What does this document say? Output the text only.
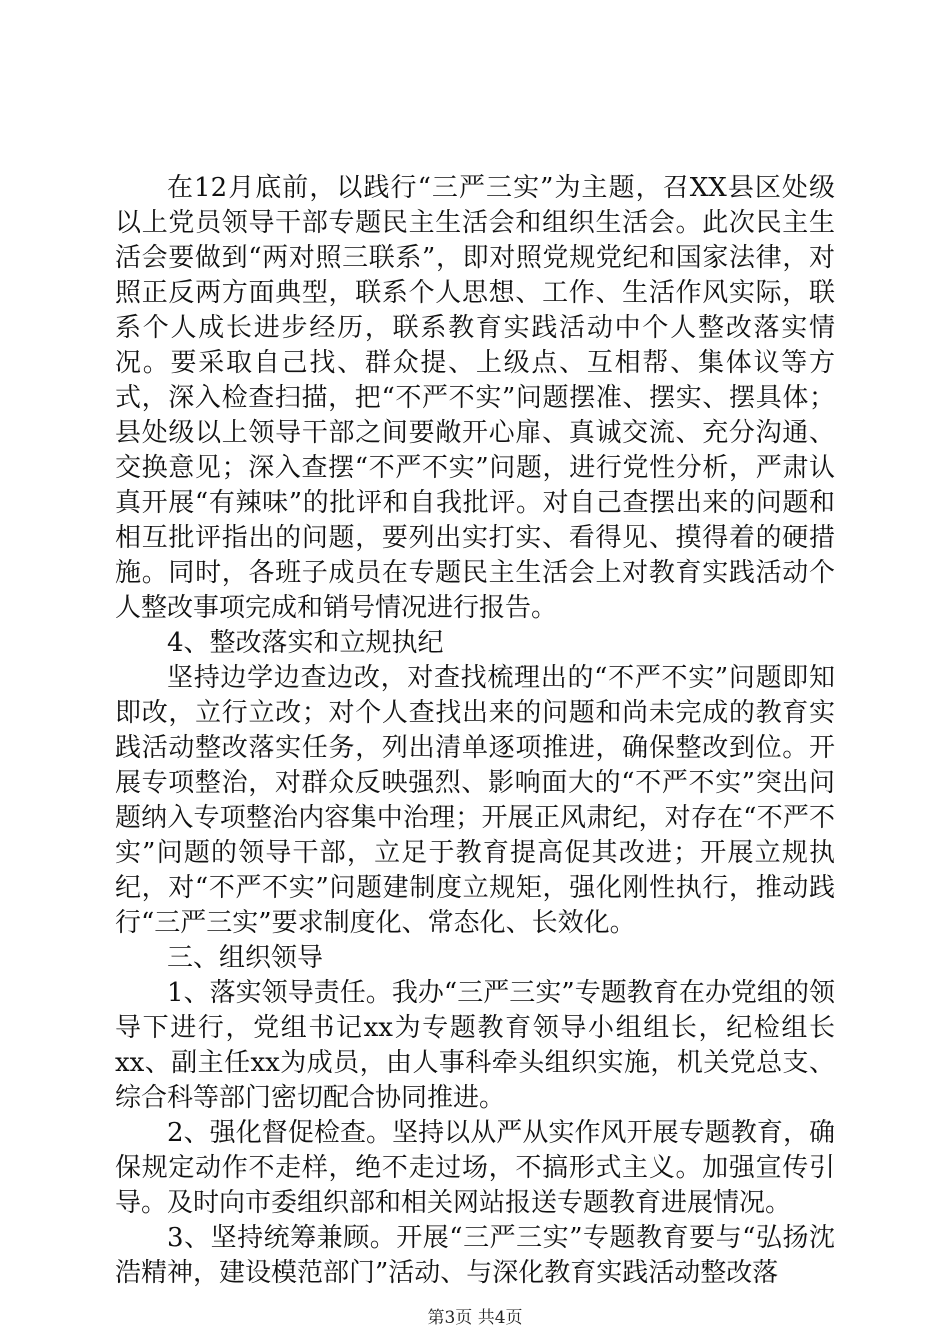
在12月底前，以践行“三严三实”为主题，召XX县区处级以上党员领导干部专题民主生活会和组织生活会。此次民主生活会要做到“两对照三联系”，即对照党规党纪和国家法律，对照正反两方面典型，联系个人思想、工作、生活作风实际，联系个人成长进步经历，联系教育实践活动中个人整改落实情况。要采取自己找、群众提、上级点、互相帮、集体议等方式，深入检查扫描，把“不严不实”问题摆准、摆实、摆具体；县处级以上领导干部之间要敞开心扉、真诚交流、充分沟通、交换意见；深入查摆“不严不实”问题，进行党性分析，严肃认真开展“有辣味”的批评和自我批评。对自己查摆出来的问题和相互批评指出的问题，要列出实打实、看得见、摸得着的硬措施。同时，各班子成员在专题民主生活会上对教育实践活动个人整改事项完成和销号情况进行报告。

4、整改落实和立规执纪

坚持边学边查边改，对查找梳理出的“不严不实”问题即知即改，立行立改；对个人查找出来的问题和尚未完成的教育实践活动整改落实任务，列出清单逐项推进，确保整改到位。开展专项整治，对群众反映强烈、影响面大的“不严不实”突出问题纳入专项整治内容集中治理；开展正风肃纪，对存在“不严不实”问题的领导干部，立足于教育提高促其改进；开展立规执纪，对“不严不实”问题建制度立规矩，强化刚性执行，推动践行“三严三实”要求制度化、常态化、长效化。

三、组织领导

1、落实领导责任。我办“三严三实”专题教育在办党组的领导下进行，党组书记xx为专题教育领导小组组长，纪检组长xx、副主任xx为成员，由人事科牵头组织实施，机关党总支、综合科等部门密切配合协同推进。

2、强化督促检查。坚持以从严从实作风开展专题教育，确保规定动作不走样，绝不走过场，不搞形式主义。加强宣传引导。及时向市委组织部和相关网站报送专题教育进展情况。

3、坚持统筹兼顾。开展“三严三实”专题教育要与“弘扬沈浩精神，建设模范部门”活动、与深化教育实践活动整改落

第3页 共4页
